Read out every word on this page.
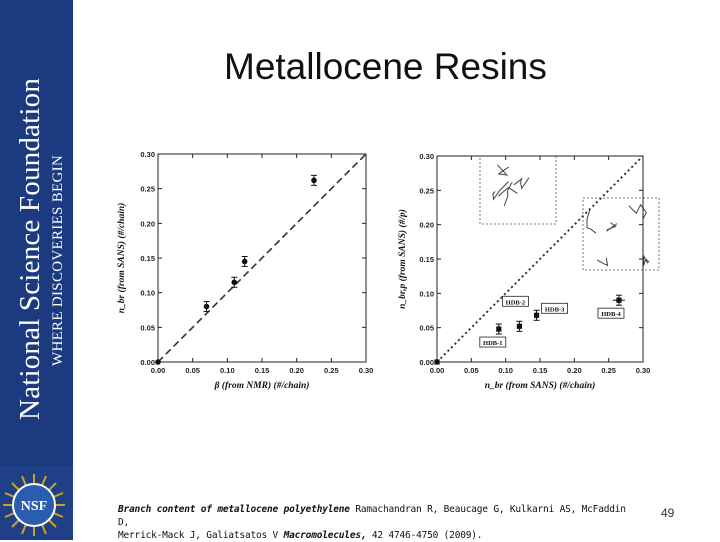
National Science Foundation WHERE DISCOVERIES BEGIN
NSF
Metallocene Resins
0.00	0.05	0.10	0.15	0.20	0.25	0.30
0.00
0.05
0.10
0.15
0.20
0.25
0.30
β (from NMR) (#/chain)
n_br (from SANS) (#/chain)
0.00	0.05	0.10	0.15	0.20	0.25	0.30
0.00
0.05
0.10
0.15
0.20
0.25
0.30
n_br (from SANS) (#/chain)
n_br,p (from SANS) (#/p)
HDB-1
HDB-2
HDB-3
HDB-4
Branch content of metallocene polyethylene Ramachandran R, Beaucage G, Kulkarni AS, McFaddin D,
Merrick-Mack J, Galiatsatos V Macromolecules, 42 4746-4750 (2009).
49
